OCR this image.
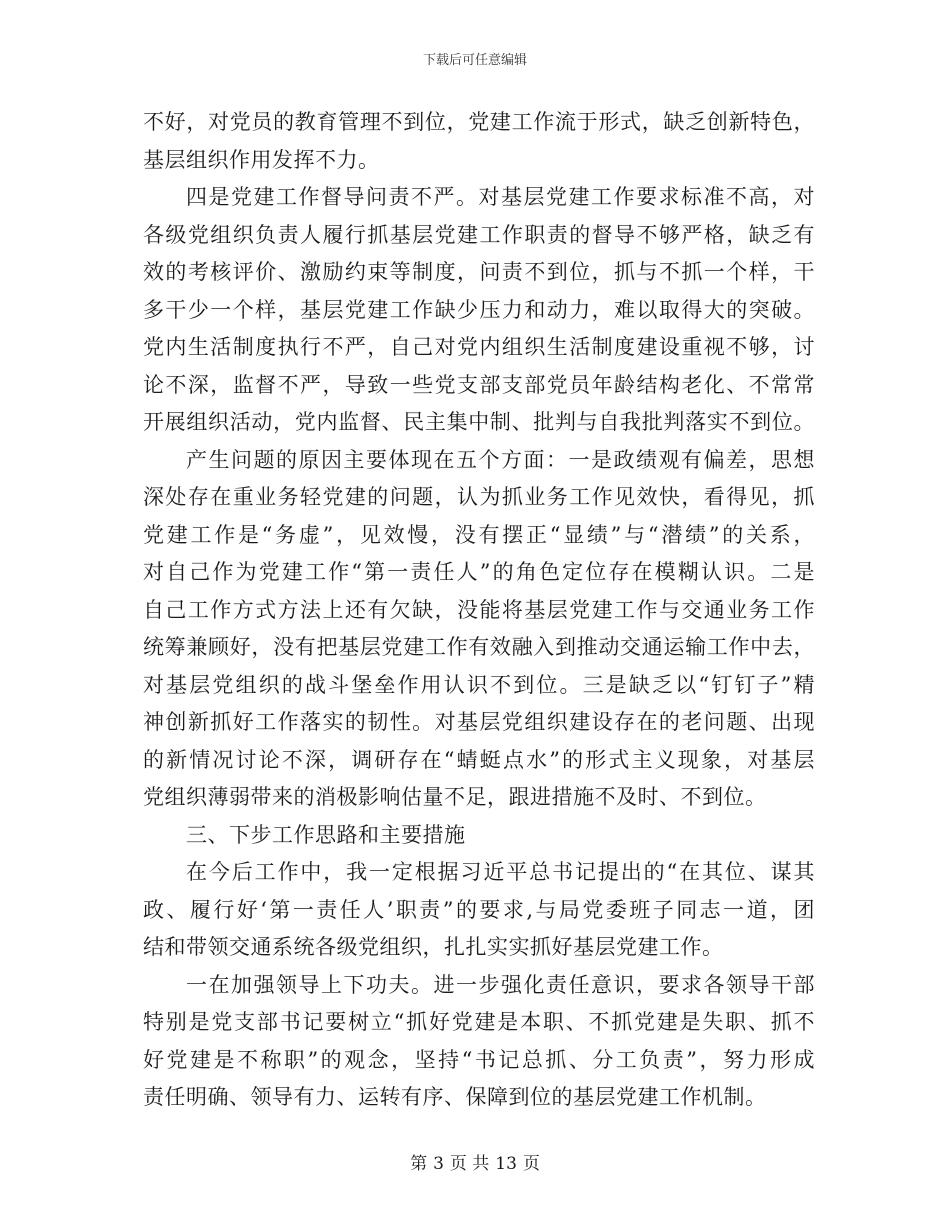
下载后可任意编辑
不好，对党员的教育管理不到位，党建工作流于形式，缺乏创新特色，
基层组织作用发挥不力。
四是党建工作督导问责不严。对基层党建工作要求标准不高，对
各级党组织负责人履行抓基层党建工作职责的督导不够严格，缺乏有
效的考核评价、激励约束等制度，问责不到位，抓与不抓一个样，干
多干少一个样，基层党建工作缺少压力和动力，难以取得大的突破。
党内生活制度执行不严，自己对党内组织生活制度建设重视不够，讨
论不深，监督不严，导致一些党支部支部党员年龄结构老化、不常常
开展组织活动，党内监督、民主集中制、批判与自我批判落实不到位。
产生问题的原因主要体现在五个方面：一是政绩观有偏差，思想
深处存在重业务轻党建的问题，认为抓业务工作见效快，看得见，抓
党建工作是“务虚”，见效慢，没有摆正“显绩”与“潜绩”的关系，
对自己作为党建工作“第一责任人”的角色定位存在模糊认识。二是
自己工作方式方法上还有欠缺，没能将基层党建工作与交通业务工作
统筹兼顾好，没有把基层党建工作有效融入到推动交通运输工作中去，
对基层党组织的战斗堡垒作用认识不到位。三是缺乏以“钉钉子”精
神创新抓好工作落实的韧性。对基层党组织建设存在的老问题、出现
的新情况讨论不深，调研存在“蜻蜓点水”的形式主义现象，对基层
党组织薄弱带来的消极影响估量不足，跟进措施不及时、不到位。
三、下步工作思路和主要措施
在今后工作中，我一定根据习近平总书记提出的“在其位、谋其
政、履行好‘第一责任人’职责”的要求,与局党委班子同志一道，团
结和带领交通系统各级党组织，扎扎实实抓好基层党建工作。
一在加强领导上下功夫。进一步强化责任意识，要求各领导干部
特别是党支部书记要树立“抓好党建是本职、不抓党建是失职、抓不
好党建是不称职”的观念，坚持“书记总抓、分工负责”，努力形成
责任明确、领导有力、运转有序、保障到位的基层党建工作机制。
第 3 页 共 13 页
